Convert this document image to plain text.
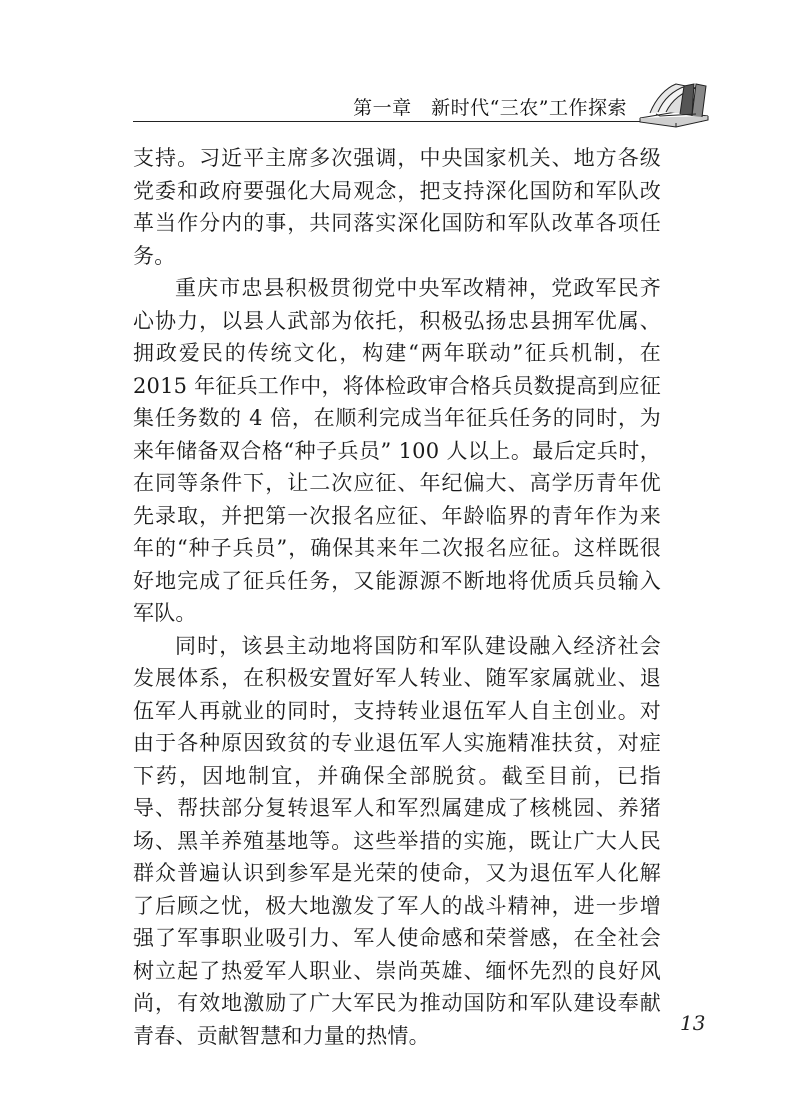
第一章　新时代“三农”工作探索

支持。习近平主席多次强调，中央国家机关、地方各级党委和政府要强化大局观念，把支持深化国防和军队改革当作分内的事，共同落实深化国防和军队改革各项任务。

重庆市忠县积极贯彻党中央军改精神，党政军民齐心协力，以县人武部为依托，积极弘扬忠县拥军优属、拥政爱民的传统文化，构建“两年联动”征兵机制，在 2015 年征兵工作中，将体检政审合格兵员数提高到应征集任务数的 4 倍，在顺利完成当年征兵任务的同时，为来年储备双合格“种子兵员” 100 人以上。最后定兵时，在同等条件下，让二次应征、年纪偏大、高学历青年优先录取，并把第一次报名应征、年龄临界的青年作为来年的“种子兵员”，确保其来年二次报名应征。这样既很好地完成了征兵任务，又能源源不断地将优质兵员输入军队。

同时，该县主动地将国防和军队建设融入经济社会发展体系，在积极安置好军人转业、随军家属就业、退伍军人再就业的同时，支持转业退伍军人自主创业。对由于各种原因致贫的专业退伍军人实施精准扶贫，对症下药，因地制宜，并确保全部脱贫。截至目前，已指导、帮扶部分复转退军人和军烈属建成了核桃园、养猪场、黑羊养殖基地等。这些举措的实施，既让广大人民群众普遍认识到参军是光荣的使命，又为退伍军人化解了后顾之忧，极大地激发了军人的战斗精神，进一步增强了军事职业吸引力、军人使命感和荣誉感，在全社会树立起了热爱军人职业、崇尚英雄、缅怀先烈的良好风尚，有效地激励了广大军民为推动国防和军队建设奉献青春、贡献智慧和力量的热情。

13
